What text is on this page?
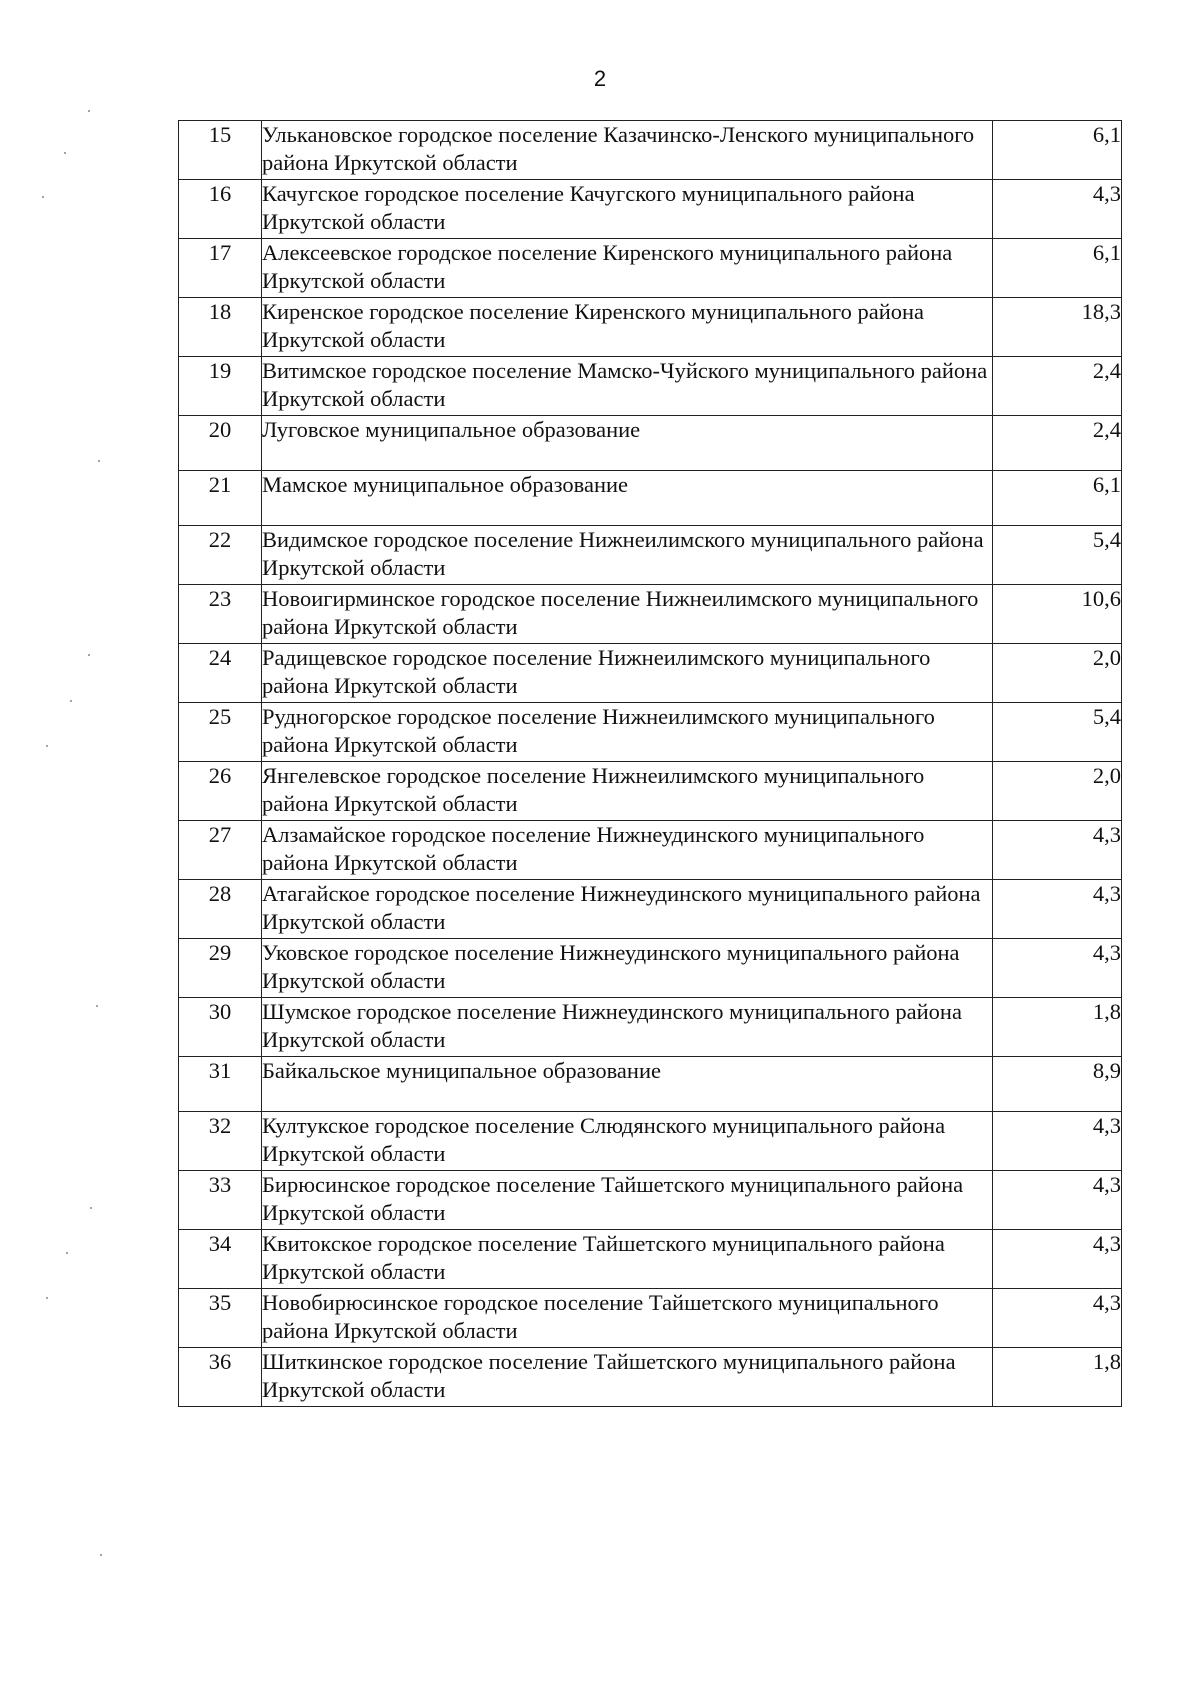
2
15	Улькановское городское поселение Казачинско-Ленского муниципального района Иркутской области	6,1
16	Качугское городское поселение Качугского муниципального района Иркутской области	4,3
17	Алексеевское городское поселение Киренского муниципального района Иркутской области	6,1
18	Киренское городское поселение Киренского муниципального района Иркутской области	18,3
19	Витимское городское поселение Мамско-Чуйского муниципального района Иркутской области	2,4
20	Луговское муниципальное образование	2,4
21	Мамское муниципальное образование	6,1
22	Видимское городское поселение Нижнеилимского муниципального района Иркутской области	5,4
23	Новоигирминское городское поселение Нижнеилимского муниципального района Иркутской области	10,6
24	Радищевское городское поселение Нижнеилимского муниципального района Иркутской области	2,0
25	Рудногорское городское поселение Нижнеилимского муниципального района Иркутской области	5,4
26	Янгелевское городское поселение Нижнеилимского муниципального района Иркутской области	2,0
27	Алзамайское городское поселение Нижнеудинского муниципального района Иркутской области	4,3
28	Атагайское городское поселение Нижнеудинского муниципального района Иркутской области	4,3
29	Уковское городское поселение Нижнеудинского муниципального района Иркутской области	4,3
30	Шумское городское поселение Нижнеудинского муниципального района Иркутской области	1,8
31	Байкальское муниципальное образование	8,9
32	Култукское городское поселение Слюдянского муниципального района Иркутской области	4,3
33	Бирюсинское городское поселение Тайшетского муниципального района Иркутской области	4,3
34	Квитокское городское поселение Тайшетского муниципального района Иркутской области	4,3
35	Новобирюсинское городское поселение Тайшетского муниципального района Иркутской области	4,3
36	Шиткинское городское поселение Тайшетского муниципального района Иркутской области	1,8
